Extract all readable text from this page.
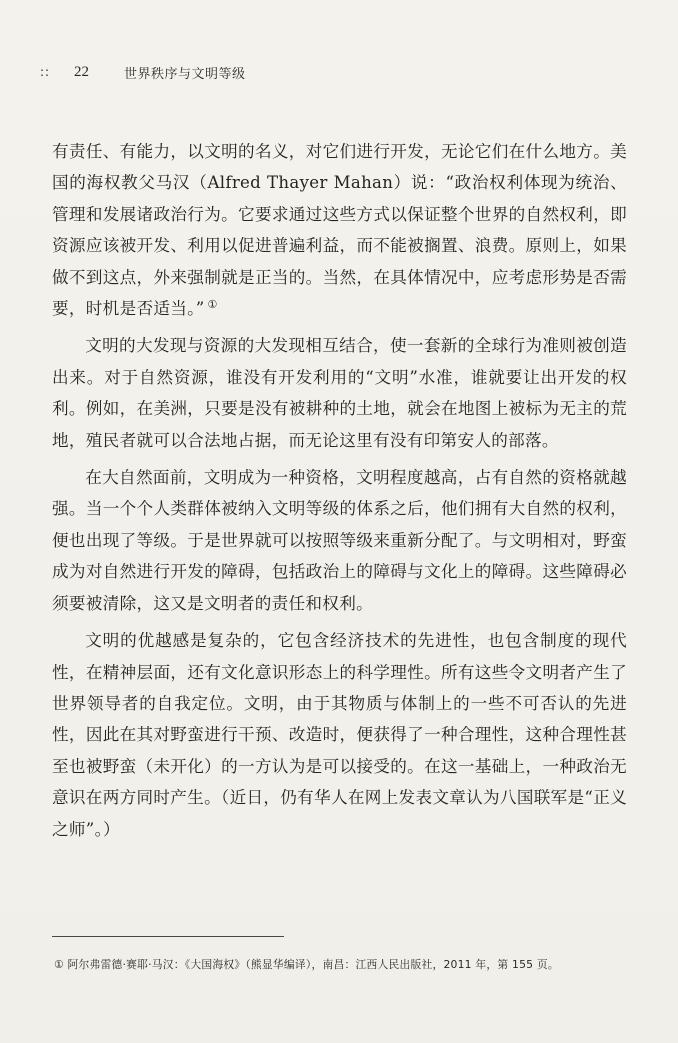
::	22	世界秩序与文明等级

有责任、有能力，以文明的名义，对它们进行开发，无论它们在什么地方。美国的海权教父马汉（Alfred Thayer Mahan）说：“政治权利体现为统治、管理和发展诸政治行为。它要求通过这些方式以保证整个世界的自然权利，即资源应该被开发、利用以促进普遍利益，而不能被搁置、浪费。原则上，如果做不到这点，外来强制就是正当的。当然，在具体情况中，应考虑形势是否需要，时机是否适当。” ①

文明的大发现与资源的大发现相互结合，使一套新的全球行为准则被创造出来。对于自然资源，谁没有开发利用的“文明”水准，谁就要让出开发的权利。例如，在美洲，只要是没有被耕种的土地，就会在地图上被标为无主的荒地，殖民者就可以合法地占据，而无论这里有没有印第安人的部落。

在大自然面前，文明成为一种资格，文明程度越高，占有自然的资格就越强。当一个个人类群体被纳入文明等级的体系之后，他们拥有大自然的权利，便也出现了等级。于是世界就可以按照等级来重新分配了。与文明相对，野蛮成为对自然进行开发的障碍，包括政治上的障碍与文化上的障碍。这些障碍必须要被清除，这又是文明者的责任和权利。

文明的优越感是复杂的，它包含经济技术的先进性，也包含制度的现代性，在精神层面，还有文化意识形态上的科学理性。所有这些令文明者产生了世界领导者的自我定位。文明，由于其物质与体制上的一些不可否认的先进性，因此在其对野蛮进行干预、改造时，便获得了一种合理性，这种合理性甚至也被野蛮（未开化）的一方认为是可以接受的。在这一基础上，一种政治无意识在两方同时产生。（近日，仍有华人在网上发表文章认为八国联军是“正义之师”。）

① 阿尔弗雷德·赛耶·马汉：《大国海权》（熊显华编译），南昌：江西人民出版社，2011 年，第 155 页。
